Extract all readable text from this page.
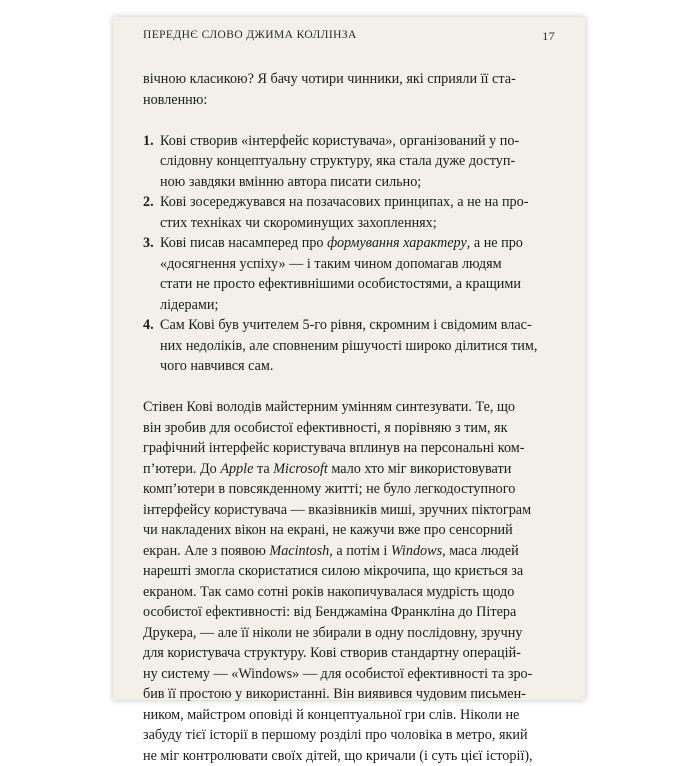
ПЕРЕДНЄ СЛОВО ДЖИМА КОЛЛІНЗА	17
вічною класикою? Я бачу чотири чинники, які сприяли її ста-
новленню:
1. Кові створив «інтерфейс користувача», організований у по-
слідовну концептуальну структуру, яка стала дуже доступ-
ною завдяки вмінню автора писати сильно;
2. Кові зосереджувався на позачасових принципах, а не на про-
стих техніках чи скороминущих захопленнях;
3. Кові писав насамперед про формування характеру, а не про
«досягнення успіху» — і таким чином допомагав людям
стати не просто ефективнішими особистостями, а кращими
лідерами;
4. Сам Кові був учителем 5-го рівня, скромним і свідомим влас-
них недоліків, але сповненим рішучості широко ділитися тим,
чого навчився сам.
Стівен Кові володів майстерним умінням синтезувати. Те, що
він зробив для особистої ефективності, я порівняю з тим, як
графічний інтерфейс користувача вплинув на персональні ком-
п’ютери. До Apple та Microsoft мало хто міг використовувати
комп’ютери в повсякденному житті; не було легкодоступного
інтерфейсу користувача — вказівників миші, зручних піктограм
чи накладених вікон на екрані, не кажучи вже про сенсорний
екран. Але з появою Macintosh, а потім і Windows, маса людей
нарешті змогла скористатися силою мікрочипа, що криється за
екраном. Так само сотні років накопичувалася мудрість щодо
особистої ефективності: від Бенджаміна Франкліна до Пітера
Друкера, — але її ніколи не збирали в одну послідовну, зручну
для користувача структуру. Кові створив стандартну операцій-
ну систему — «Windows» — для особистої ефективності та зро-
бив її простою у використанні. Він виявився чудовим письмен-
ником, майстром оповіді й концептуальної гри слів. Ніколи не
забуду тієї історії в першому розділі про чоловіка в метро, який
не міг контролювати своїх дітей, що кричали (і суть цієї історії),
